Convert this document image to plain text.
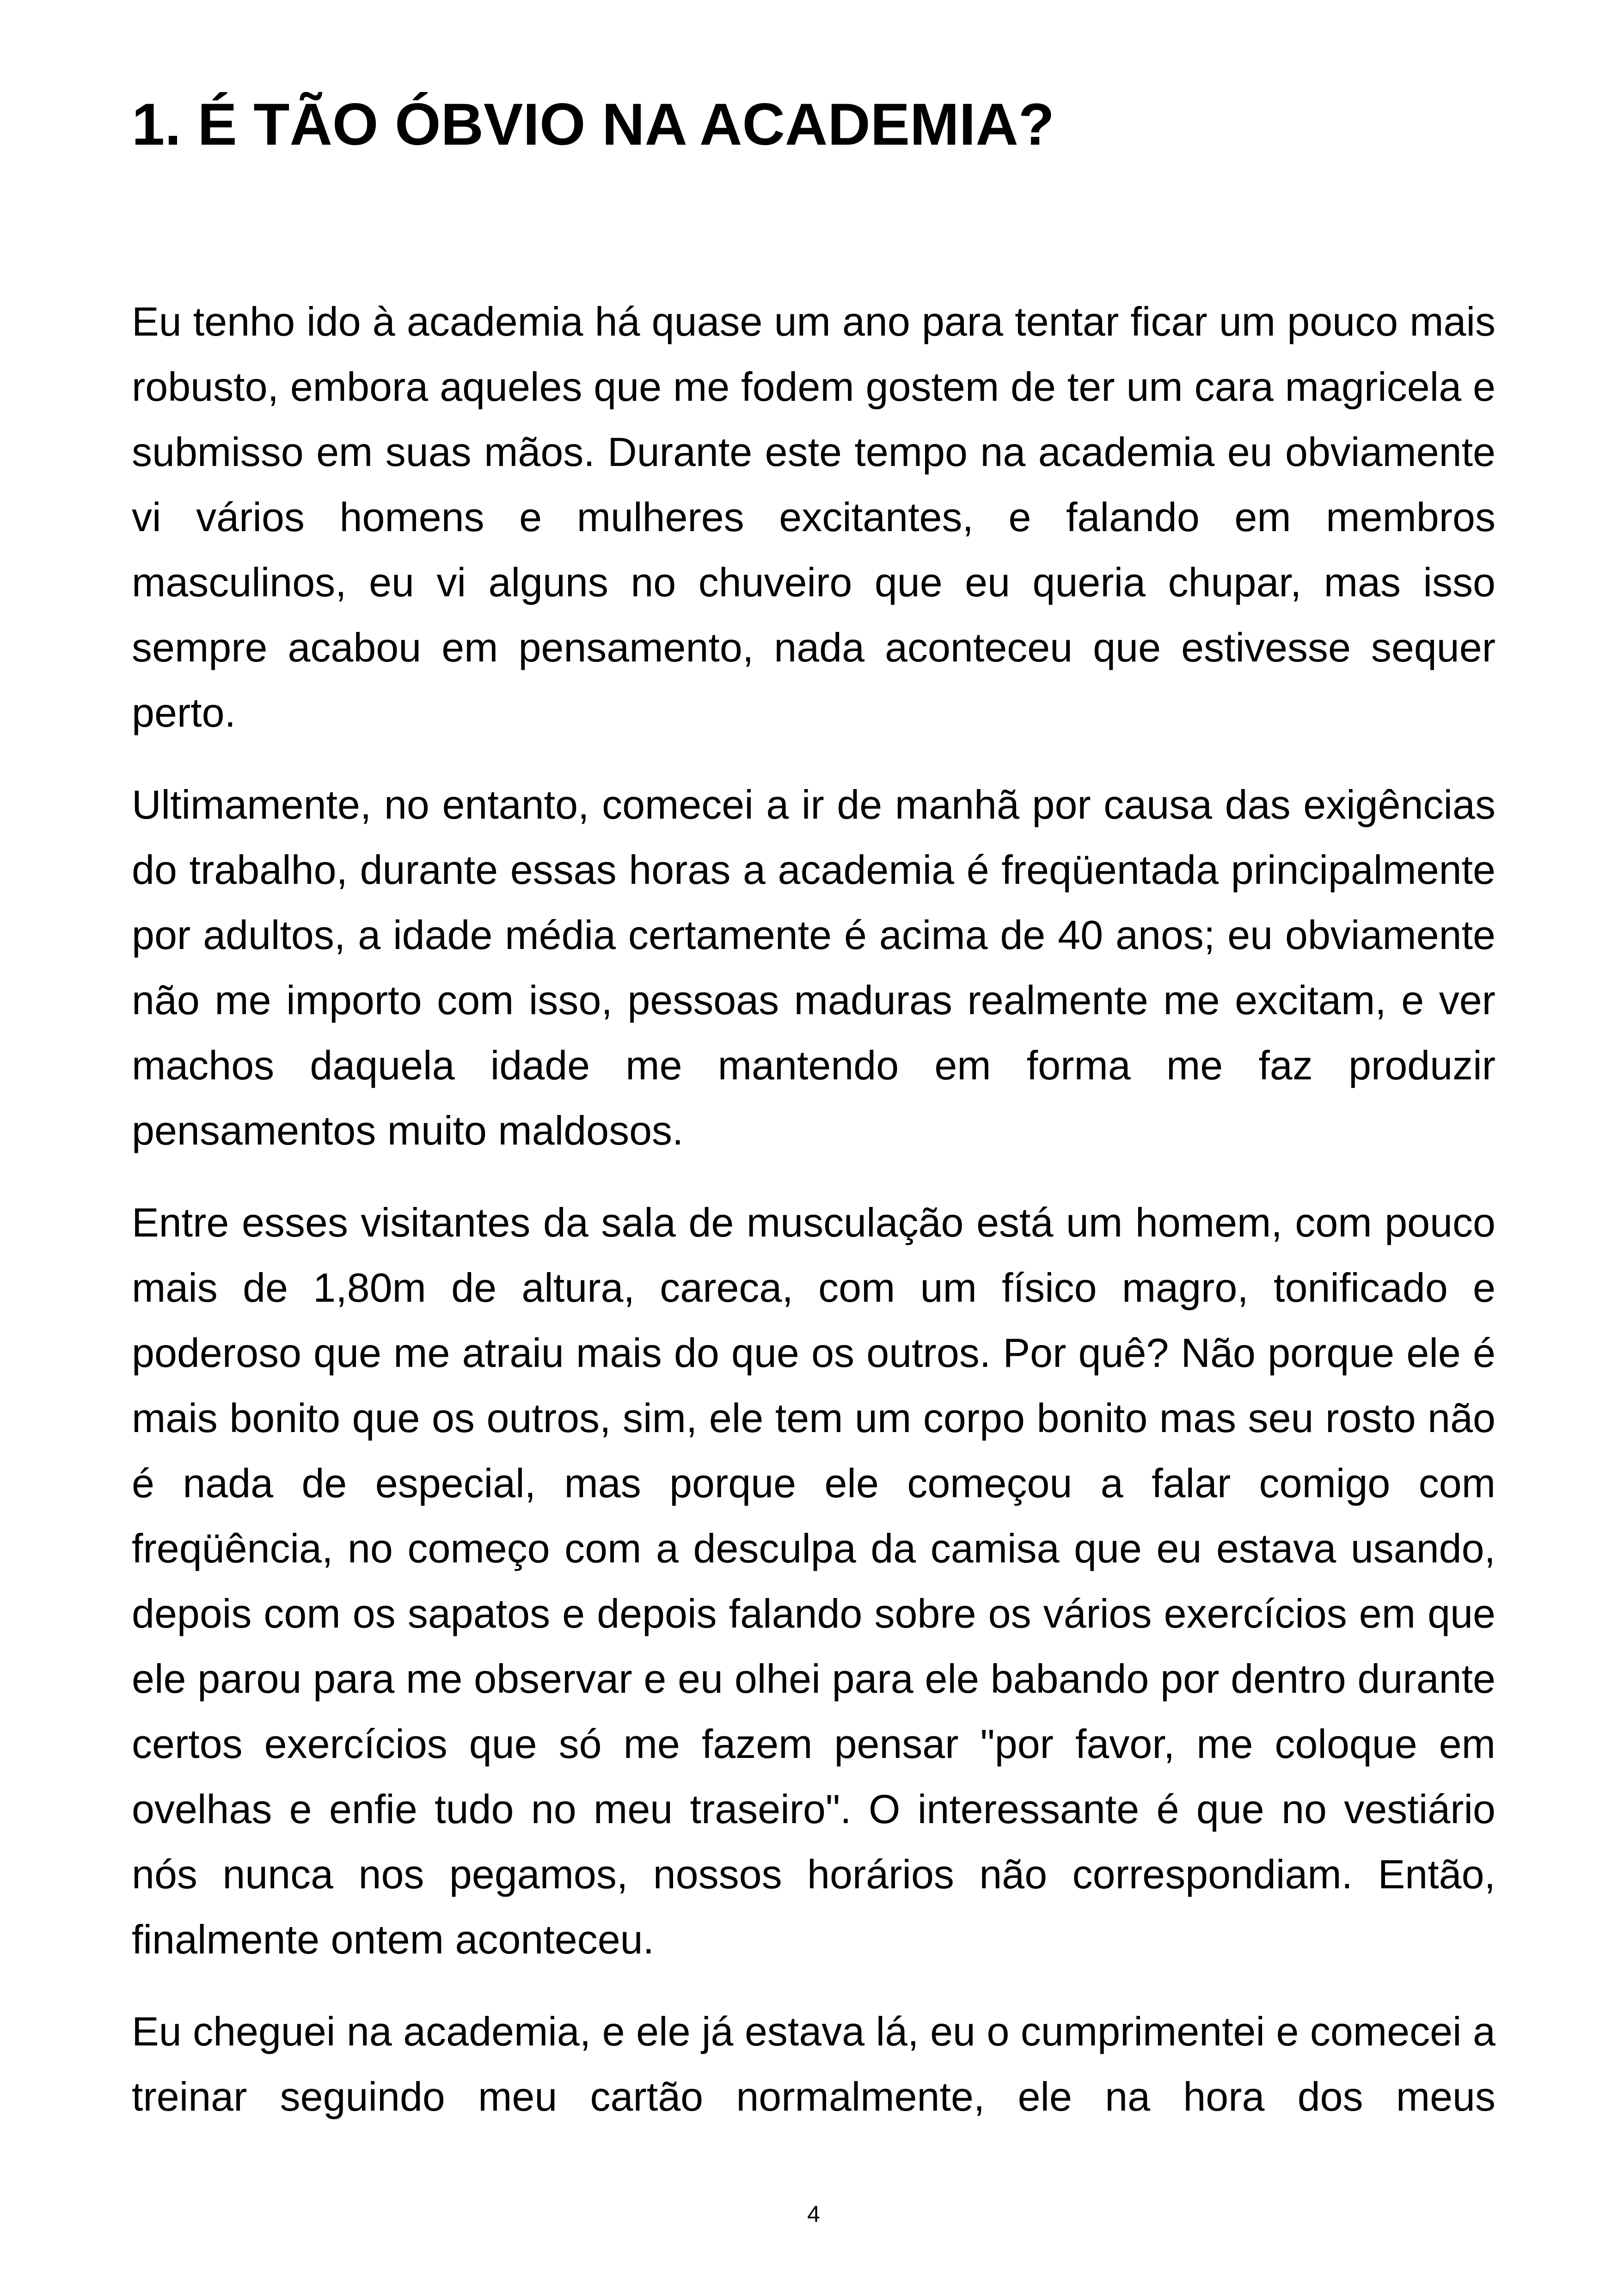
1. É TÃO ÓBVIO NA ACADEMIA?

Eu tenho ido à academia há quase um ano para tentar ficar um pouco mais robusto, embora aqueles que me fodem gostem de ter um cara magricela e submisso em suas mãos. Durante este tempo na academia eu obviamente vi vários homens e mulheres excitantes, e falando em membros masculinos, eu vi alguns no chuveiro que eu queria chupar, mas isso sempre acabou em pensamento, nada aconteceu que estivesse sequer perto.

Ultimamente, no entanto, comecei a ir de manhã por causa das exigências do trabalho, durante essas horas a academia é freqüentada principalmente por adultos, a idade média certamente é acima de 40 anos; eu obviamente não me importo com isso, pessoas maduras realmente me excitam, e ver machos daquela idade me mantendo em forma me faz produzir pensamentos muito maldosos.

Entre esses visitantes da sala de musculação está um homem, com pouco mais de 1,80m de altura, careca, com um físico magro, tonificado e poderoso que me atraiu mais do que os outros. Por quê? Não porque ele é mais bonito que os outros, sim, ele tem um corpo bonito mas seu rosto não é nada de especial, mas porque ele começou a falar comigo com freqüência, no começo com a desculpa da camisa que eu estava usando, depois com os sapatos e depois falando sobre os vários exercícios em que ele parou para me observar e eu olhei para ele babando por dentro durante certos exercícios que só me fazem pensar "por favor, me coloque em ovelhas e enfie tudo no meu traseiro". O interessante é que no vestiário nós nunca nos pegamos, nossos horários não correspondiam. Então, finalmente ontem aconteceu.

Eu cheguei na academia, e ele já estava lá, eu o cumprimentei e comecei a treinar seguindo meu cartão normalmente, ele na hora dos meus

4
